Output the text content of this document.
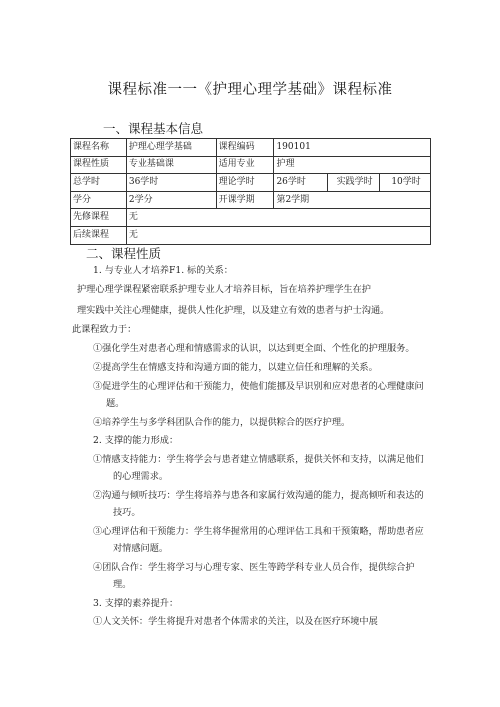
课程标准一一《护理心理学基础》课程标准
一、课程基本信息
课程名称	护理心理学基础	课程编码	190101		
课程性质	专业基础课	适用专业	护理		
总学时	36学时	理论学时	26学时	实践学时	10学时
学分	2学分	开课学期	第2学期		
先修课程	无				
后续课程	无				
二、课程性质
1. 与专业人才培养F1. 标的关系：
护理心理学课程紧密联系护理专业人才培养目标，旨在培养护理学生在护
理实践中关注心理健康，提供人性化护理，以及建立有效的患者与护士沟通。
此课程致力于：
①强化学生对患者心理和情感需求的认识，以达到更全面、个性化的护理服务。
②提高学生在情感支持和沟通方面的能力，以建立信任和理解的关系。
③促进学生的心理评估和干预能力，使他们能挪及早识别和应对患者的心理健康问
题。
④培养学生与多学科团队合作的能力，以提供粽合的医疗护理。
2. 支撑的能力形成：
①情感支持能力：学生将学会与患者建立情感联系，提供关怀和支持，以满足他们
的心理需求。
②沟通与倾听技巧：学生将培养与患各和家属行效沟通的能力，提高倾听和表达的
技巧。
③心理评估和干预能力：学生将华握常用的心理评估工具和干预策略，帮助患者应
对情感问题。
④团队合作：学生将学习与心理专家、医生等跨学科专业人员合作，提供综合护
理。
3. 支撑的素养提升：
①人文关怀：学生将提升对患者个体需求的关注，以及在医疗环境中展
